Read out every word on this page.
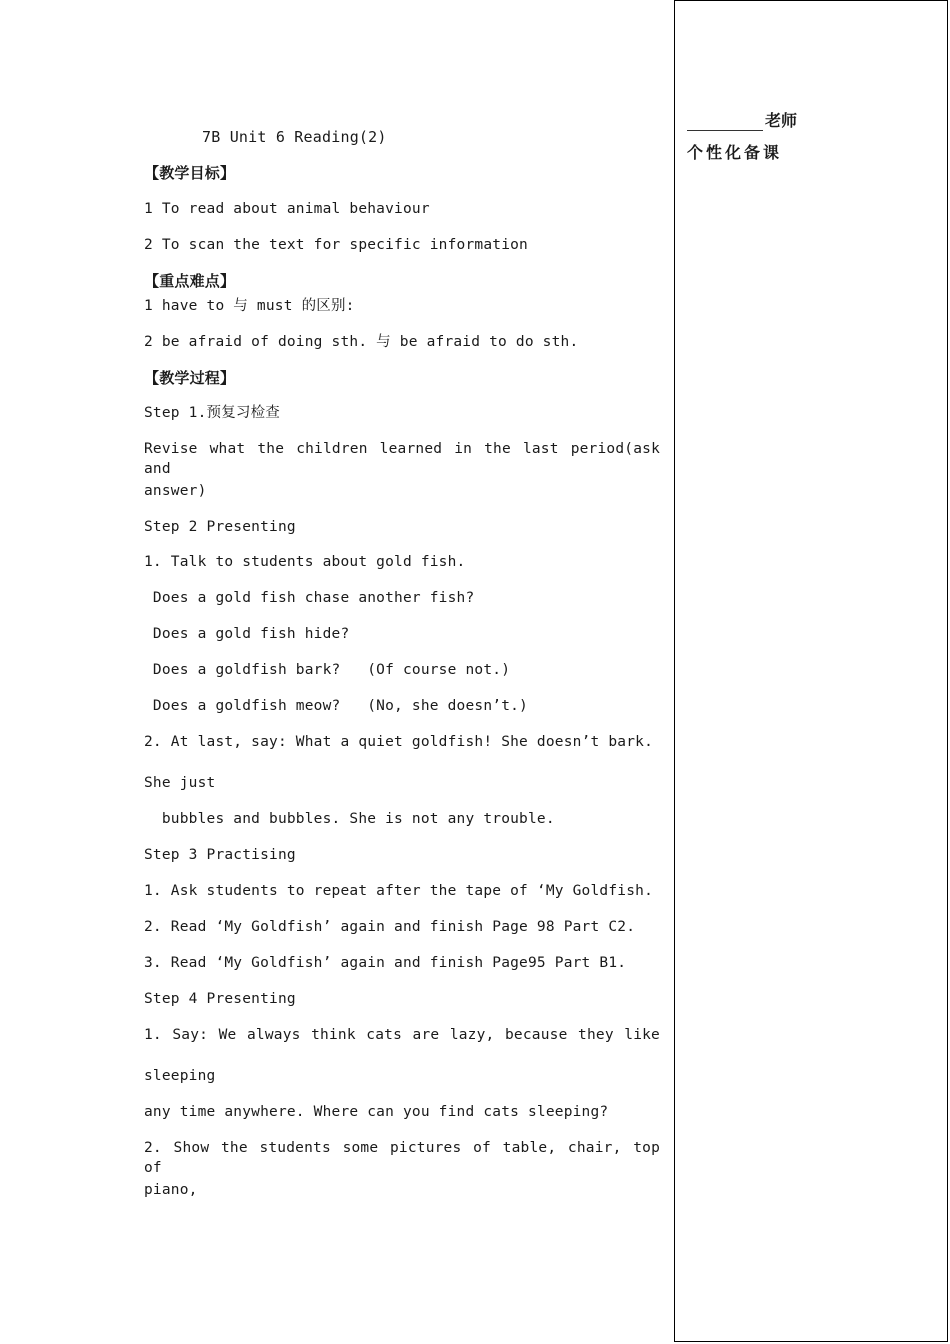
7B Unit 6 Reading(2)
【教学目标】
1 To read about animal behaviour
2 To scan the text for specific information
【重点难点】
1 have to 与 must 的区别:
2 be afraid of doing sth. 与 be afraid to do sth.
【教学过程】
Step 1.预复习检查
Revise what the children learned in the last period(ask and
answer)
Step 2 Presenting
1. Talk to students about gold fish.
Does a gold fish chase another fish?
Does a gold fish hide?
Does a goldfish bark?   (Of course not.)
Does a goldfish meow?   (No, she doesn’t.)
2. At last, say: What a quiet goldfish! She doesn’t bark.
She just
bubbles and bubbles. She is not any trouble.
Step 3 Practising
1. Ask students to repeat after the tape of ‘My Goldfish.
2. Read ‘My Goldfish’ again and finish Page 98 Part C2.
3. Read ‘My Goldfish’ again and finish Page95 Part B1.
Step 4 Presenting
1. Say: We always think cats are lazy, because they like
sleeping
any time anywhere. Where can you find cats sleeping?
2. Show the students some pictures of table, chair, top of
piano,
老师
个性化备课
